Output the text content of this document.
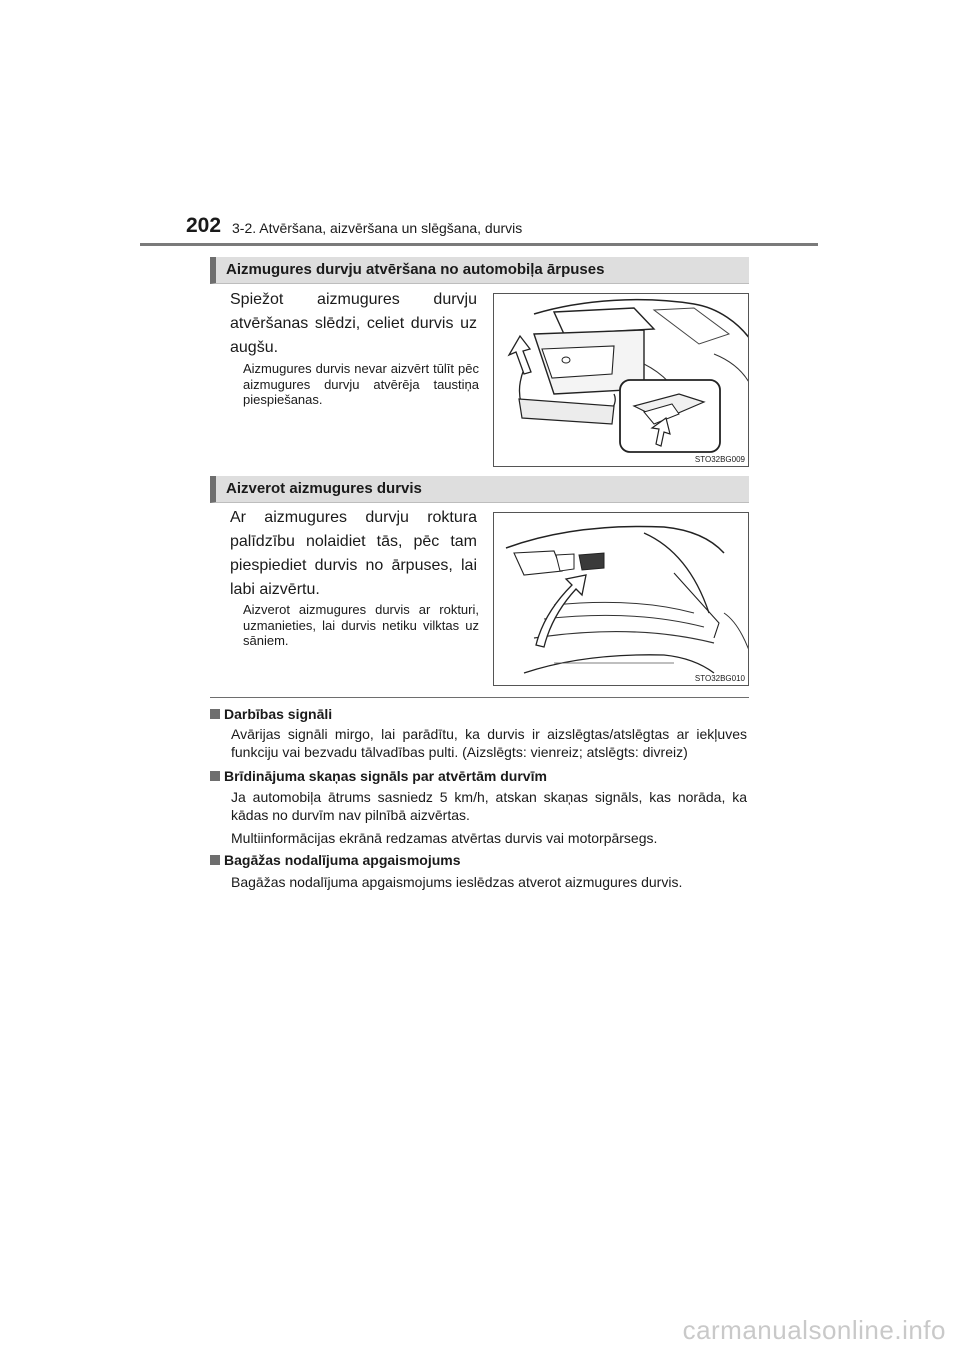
202 3-2. Atvēršana, aizvēršana un slēgšana, durvis
Aizmugures durvju atvēršana no automobiļa ārpuses
Spiežot aizmugures durvju atvēršanas slēdzi, celiet durvis uz augšu.
Aizmugures durvis nevar aizvērt tūlīt pēc aizmugures durvju atvērēja taustiņa piespiešanas.
STO32BG009
Aizverot aizmugures durvis
Ar aizmugures durvju roktura palīdzību nolaidiet tās, pēc tam piespiediet durvis no ārpuses, lai labi aizvērtu.
Aizverot aizmugures durvis ar rokturi, uzmanieties, lai durvis netiku vilktas uz sāniem.
STO32BG010
Darbības signāli
Avārijas signāli mirgo, lai parādītu, ka durvis ir aizslēgtas/atslēgtas ar iekļuves funkciju vai bezvadu tālvadības pulti. (Aizslēgts: vienreiz; atslēgts: divreiz)
Brīdinājuma skaņas signāls par atvērtām durvīm
Ja automobiļa ātrums sasniedz 5 km/h, atskan skaņas signāls, kas norāda, ka kādas no durvīm nav pilnībā aizvērtas.
Multiinformācijas ekrānā redzamas atvērtas durvis vai motorpārsegs.
Bagāžas nodalījuma apgaismojums
Bagāžas nodalījuma apgaismojums ieslēdzas atverot aizmugures durvis.
carmanualsonline.info
